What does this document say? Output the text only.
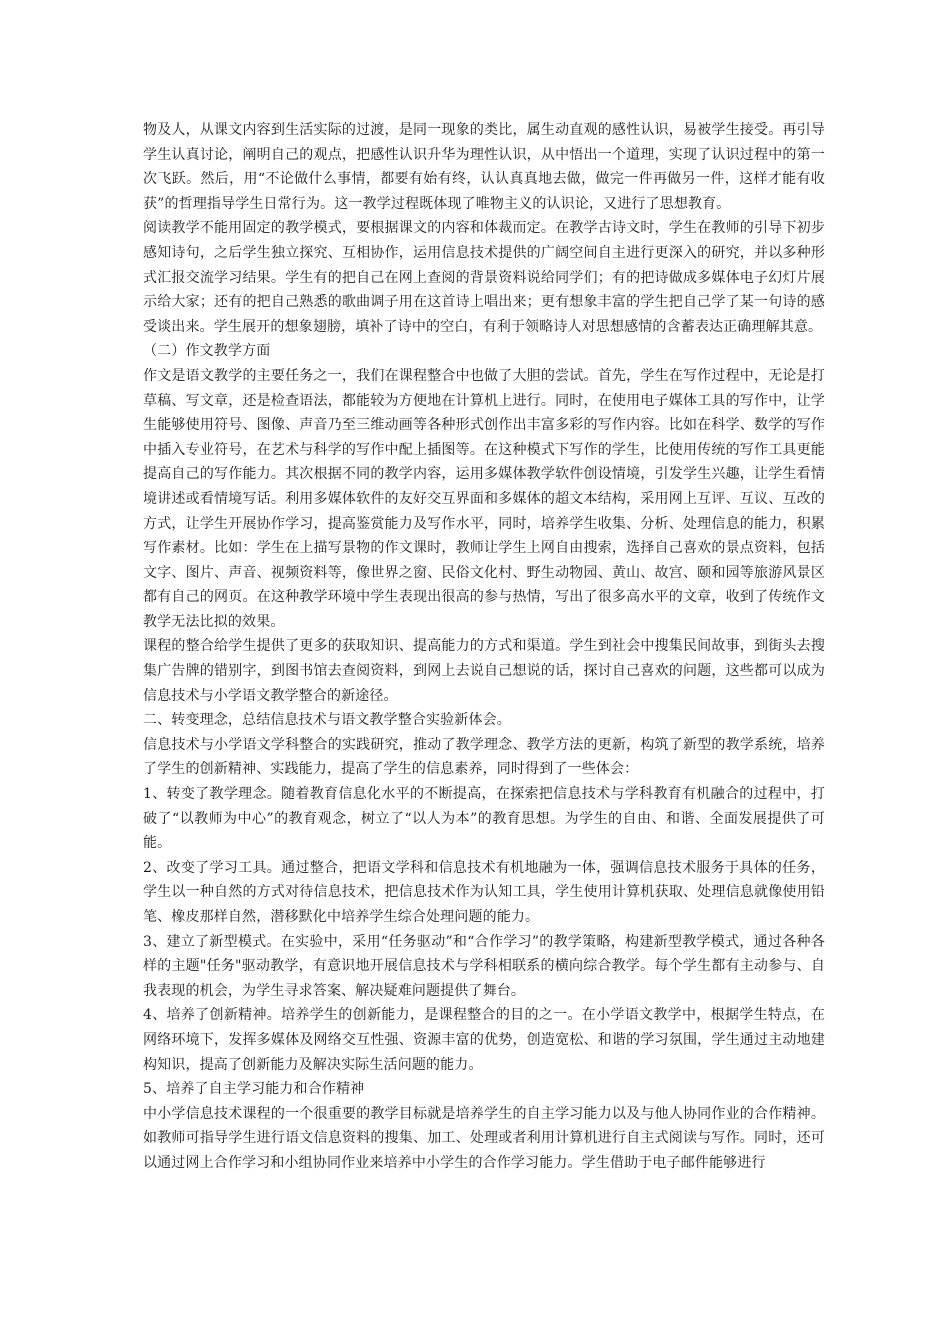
物及人，从课文内容到生活实际的过渡，是同一现象的类比，属生动直观的感性认识，易被学生接受。再引导学生认真讨论，阐明自己的观点，把感性认识升华为理性认识，从中悟出一个道理，实现了认识过程中的第一次飞跃。然后，用“不论做什么事情，都要有始有终，认认真真地去做，做完一件再做另一件，这样才能有收获”的哲理指导学生日常行为。这一教学过程既体现了唯物主义的认识论，又进行了思想教育。

阅读教学不能用固定的教学模式，要根据课文的内容和体裁而定。在教学古诗文时，学生在教师的引导下初步感知诗句，之后学生独立探究、互相协作，运用信息技术提供的广阔空间自主进行更深入的研究，并以多种形式汇报交流学习结果。学生有的把自己在网上查阅的背景资料说给同学们；有的把诗做成多媒体电子幻灯片展示给大家；还有的把自己熟悉的歌曲调子用在这首诗上唱出来；更有想象丰富的学生把自己学了某一句诗的感受谈出来。学生展开的想象翅膀，填补了诗中的空白，有利于领略诗人对思想感情的含蓄表达正确理解其意。

（二）作文教学方面

作文是语文教学的主要任务之一，我们在课程整合中也做了大胆的尝试。首先，学生在写作过程中，无论是打草稿、写文章，还是检查语法，都能较为方便地在计算机上进行。同时，在使用电子媒体工具的写作中，让学生能够使用符号、图像、声音乃至三维动画等各种形式创作出丰富多彩的写作内容。比如在科学、数学的写作中插入专业符号，在艺术与科学的写作中配上插图等。在这种模式下写作的学生，比使用传统的写作工具更能提高自己的写作能力。其次根据不同的教学内容，运用多媒体教学软件创设情境，引发学生兴趣，让学生看情境讲述或看情境写话。利用多媒体软件的友好交互界面和多媒体的超文本结构，采用网上互评、互议、互改的方式，让学生开展协作学习，提高鉴赏能力及写作水平，同时，培养学生收集、分析、处理信息的能力，积累写作素材。比如：学生在上描写景物的作文课时，教师让学生上网自由搜索，选择自己喜欢的景点资料，包括文字、图片、声音、视频资料等，像世界之窗、民俗文化村、野生动物园、黄山、故宫、颐和园等旅游风景区都有自己的网页。在这种教学环境中学生表现出很高的参与热情，写出了很多高水平的文章，收到了传统作文教学无法比拟的效果。

课程的整合给学生提供了更多的获取知识、提高能力的方式和渠道。学生到社会中搜集民间故事，到街头去搜集广告牌的错别字，到图书馆去查阅资料，到网上去说自己想说的话，探讨自己喜欢的问题，这些都可以成为信息技术与小学语文教学整合的新途径。

二、转变理念，总结信息技术与语文教学整合实验新体会。

信息技术与小学语文学科整合的实践研究，推动了教学理念、教学方法的更新，构筑了新型的教学系统，培养了学生的创新精神、实践能力，提高了学生的信息素养，同时得到了一些体会：

1、转变了教学理念。随着教育信息化水平的不断提高，在探索把信息技术与学科教育有机融合的过程中，打破了“以教师为中心”的教育观念，树立了“以人为本”的教育思想。为学生的自由、和谐、全面发展提供了可能。

2、改变了学习工具。通过整合，把语文学科和信息技术有机地融为一体，强调信息技术服务于具体的任务，学生以一种自然的方式对待信息技术，把信息技术作为认知工具，学生使用计算机获取、处理信息就像使用铅笔、橡皮那样自然，潜移默化中培养学生综合处理问题的能力。

3、建立了新型模式。在实验中，采用“任务驱动”和“合作学习”的教学策略，构建新型教学模式，通过各种各样的主题"任务"驱动教学，有意识地开展信息技术与学科相联系的横向综合教学。每个学生都有主动参与、自我表现的机会，为学生寻求答案、解决疑难问题提供了舞台。

4、培养了创新精神。培养学生的创新能力，是课程整合的目的之一。在小学语文教学中，根据学生特点，在网络环境下，发挥多媒体及网络交互性强、资源丰富的优势，创造宽松、和谐的学习氛围，学生通过主动地建构知识，提高了创新能力及解决实际生活问题的能力。

5、培养了自主学习能力和合作精神

中小学信息技术课程的一个很重要的教学目标就是培养学生的自主学习能力以及与他人协同作业的合作精神。如教师可指导学生进行语文信息资料的搜集、加工、处理或者利用计算机进行自主式阅读与写作。同时，还可以通过网上合作学习和小组协同作业来培养中小学生的合作学习能力。学生借助于电子邮件能够进行
